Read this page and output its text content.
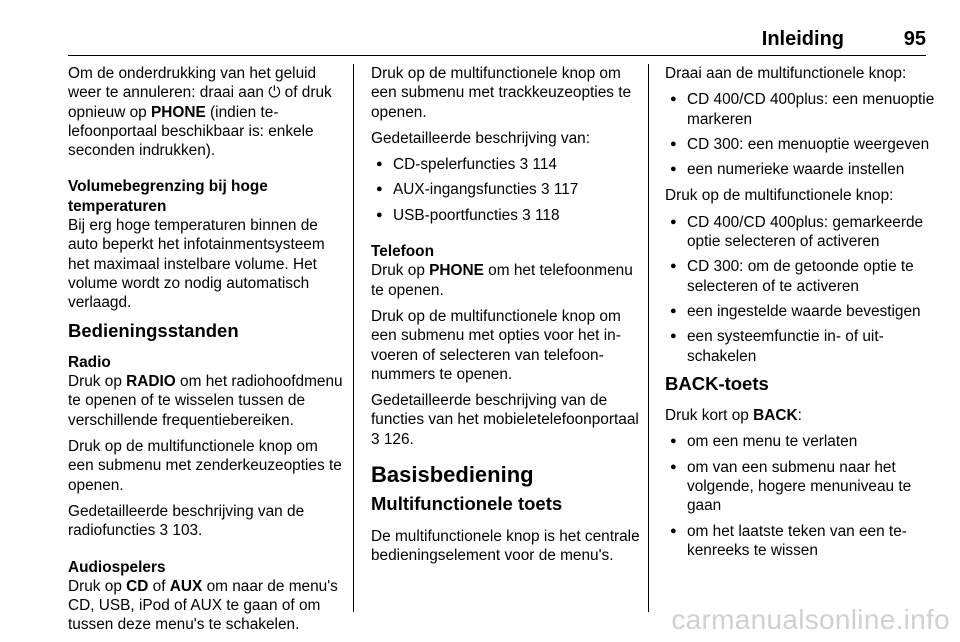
Inleiding	95

Om de onderdrukking van het geluid weer te annuleren: draai aan ⏻ of druk opnieuw op PHONE (indien telefoonportaal beschikbaar is: enkele seconden indrukken).

Volumebegrenzing bij hoge temperaturen

Bij erg hoge temperaturen binnen de auto beperkt het infotainmentsysteem het maximaal instelbare volume. Het volume wordt zo nodig automatisch verlaagd.

Bedieningsstanden
Radio

Druk op RADIO om het radiohoofdmenu te openen of te wisselen tussen de verschillende frequentiebereiken.

Druk op de multifunctionele knop om een submenu met zenderkeuzeopties te openen.

Gedetailleerde beschrijving van de radiofuncties 3 103.

Audiospelers

Druk op CD of AUX om naar de menu's CD, USB, iPod of AUX te gaan of om tussen deze menu's te schakelen.

Druk op de multifunctionele knop om een submenu met trackkeuzeopties te openen.

Gedetailleerde beschrijving van:

● CD-spelerfuncties 3 114
● AUX-ingangsfuncties 3 117
● USB-poortfuncties 3 118
Telefoon

Druk op PHONE om het telefoonmenu te openen.

Druk op de multifunctionele knop om een submenu met opties voor het invoeren of selecteren van telefoonnummers te openen.

Gedetailleerde beschrijving van de functies van het mobieletelefoonportaal 3 126.

Basisbediening
Multifunctionele toets

De multifunctionele knop is het centrale bedieningselement voor de menu's.

Draai aan de multifunctionele knop:

● CD 400/CD 400plus: een menuoptie markeren
● CD 300: een menuoptie weergeven
● een numerieke waarde instellen

Druk op de multifunctionele knop:

● CD 400/CD 400plus: gemarkeerde optie selecteren of activeren
● CD 300: om de getoonde optie te selecteren of te activeren
● een ingestelde waarde bevestigen
● een systeemfunctie in- of uitschakelen
BACK-toets

Druk kort op BACK:

● om een menu te verlaten
● om van een submenu naar het volgende, hogere menuniveau te gaan
● om het laatste teken van een tekenreeks te wissen
carmanualsonline.info
